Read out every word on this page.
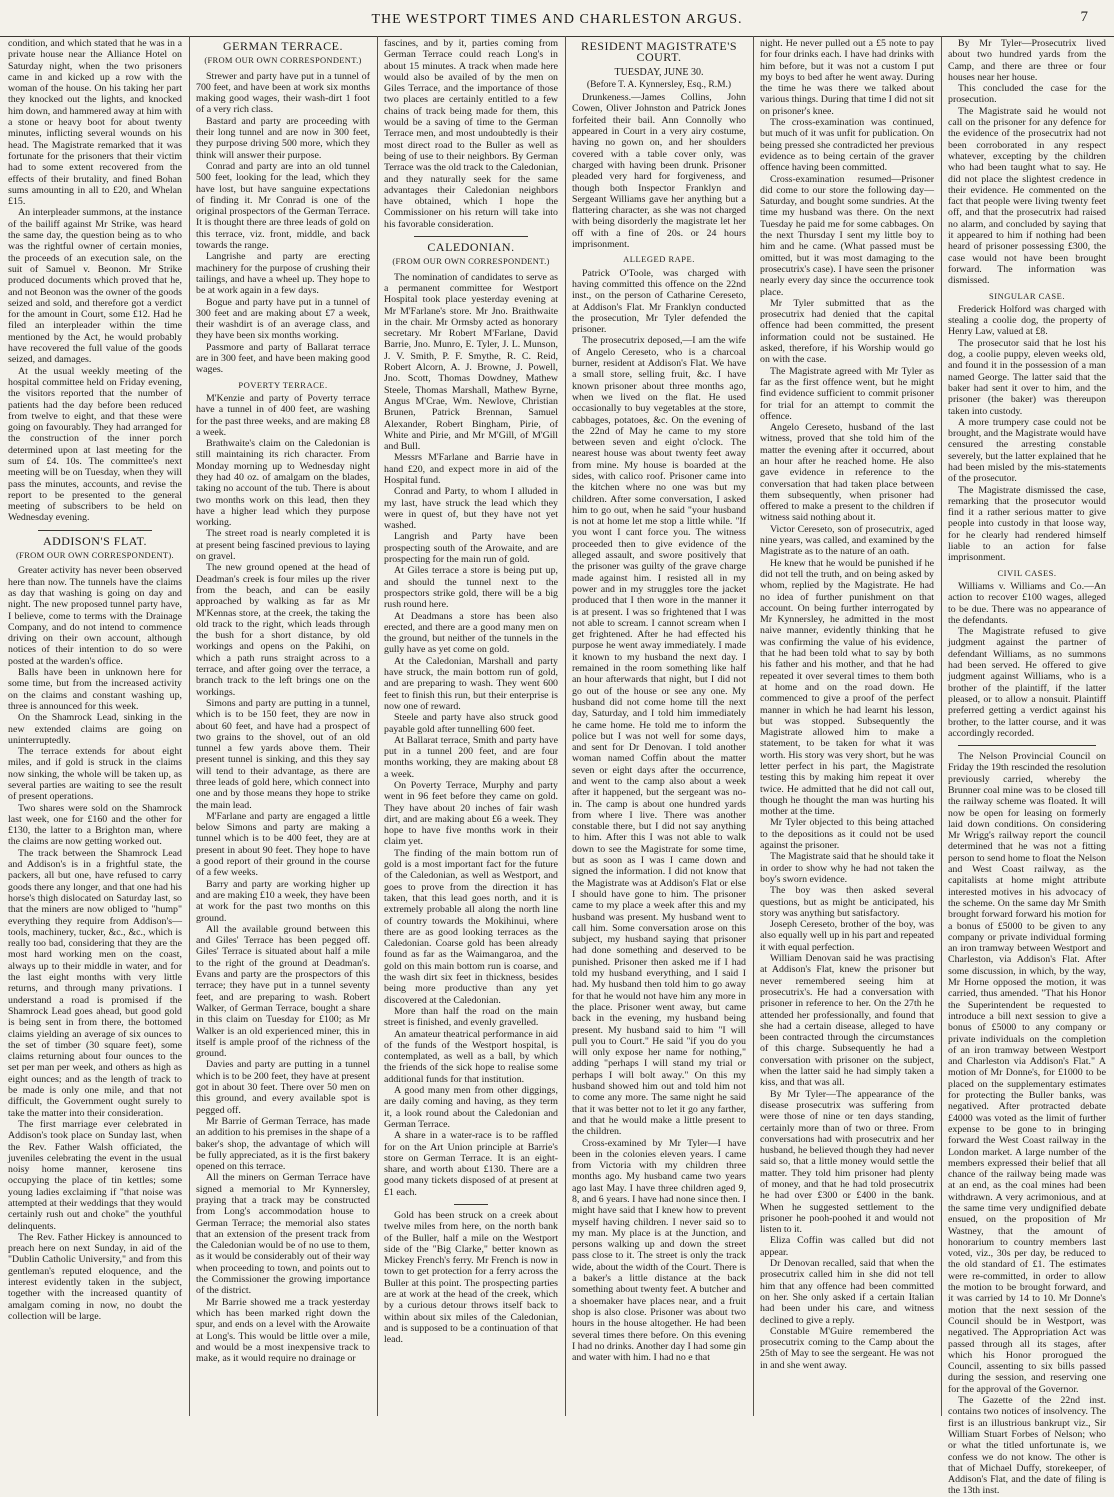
THE WESTPORT TIMES AND CHARLESTON ARGUS.	7

condition, and which stated that he was in a private house near the Alliance Hotel on Saturday night, when the two prisoners came in and kicked up a row with the woman of the house. On his taking her part they knocked out the lights, and knocked him down, and hammered away at him with a stone or heavy boot for about twenty minutes, inflicting several wounds on his head. The Magistrate remarked that it was fortunate for the prisoners that their victim had to some extent recovered from the effects of their brutality, and fined Bohan sums amounting in all to £20, and Whelan £15.

An interpleader summons, at the instance of the bailiff against Mr Strike, was heard the same day, the question being as to who was the rightful owner of certain monies, the proceeds of an execution sale, on the suit of Samuel v. Beonon. Mr Strike produced documents which proved that he, and not Beonon was the owner of the goods seized and sold, and therefore got a verdict for the amount in Court, some £12. Had he filed an interpleader within the time mentioned by the Act, he would probably have recovered the full value of the goods seized, and damages.

At the usual weekly meeting of the hospital committee held on Friday evening, the visitors reported that the number of patients had the day before been reduced from twelve to eight, and that these were going on favourably. They had arranged for the construction of the inner porch determined upon at last meeting for the sum of £4. 10s. The committee's next meeting will be on Tuesday, when they will pass the minutes, accounts, and revise the report to be presented to the general meeting of subscribers to be held on Wednesday evening.

ADDISON'S FLAT.
(FROM OUR OWN CORRESPONDENT).

Greater activity has never been observed here than now. The tunnels have the claims as day that washing is going on day and night. The new proposed tunnel party have, I believe, come to terms with the Drainage Company, and do not intend to commence driving on their own account, although notices of their intention to do so were posted at the warden's office.

Balls have been in unknown here for some time, but from the increased activity on the claims and constant washing up, three is announced for this week.

On the Shamrock Lead, sinking in the new extended claims are going on uninterruptedly.

The terrace extends for about eight miles, and if gold is struck in the claims now sinking, the whole will be taken up, as several parties are waiting to see the result of present operations.

Two shares were sold on the Shamrock last week, one for £160 and the other for £130, the latter to a Brighton man, where the claims are now getting worked out.

The track between the Shamrock Lead and Addison's is in a frightful state, the packers, all but one, have refused to carry goods there any longer, and that one had his horse's thigh dislocated on Saturday last, so that the miners are now obliged to "hump" everything they require from Addison's—tools, machinery, tucker, &c., &c., which is really too bad, considering that they are the most hard working men on the coast, always up to their middle in water, and for the last eight months with very little returns, and through many privations. I understand a road is promised if the Shamrock Lead goes ahead, but good gold is being sent in from there, the bottomed claims yielding an average of six ounces to the set of timber (30 square feet), some claims returning about four ounces to the set per man per week, and others as high as eight ounces; and as the length of track to be made is only one mile, and that not difficult, the Government ought surely to take the matter into their consideration.

The first marriage ever celebrated in Addison's took place on Sunday last, when the Rev. Father Walsh officiated, the juveniles celebrating the event in the usual noisy home manner, kerosene tins occupying the place of tin kettles; some young ladies exclaiming if "that noise was attempted at their weddings that they would certainly rush out and choke" the youthful delinquents.

The Rev. Father Hickey is announced to preach here on next Sunday, in aid of the "Dublin Catholic University," and from this gentleman's reputed eloquence, and the interest evidently taken in the subject, together with the increased quantity of amalgam coming in now, no doubt the collection will be large.

GERMAN TERRACE.
(FROM OUR OWN CORRESPONDENT.)

Strewer and party have put in a tunnel of 700 feet, and have been at work six months making good wages, their wash-dirt 1 foot of a very rich class.

Bastard and party are proceeding with their long tunnel and are now in 300 feet, they purpose driving 500 more, which they think will answer their purpose.

Conrad and party are into an old tunnel 500 feet, looking for the lead, which they have lost, but have sanguine expectations of finding it. Mr Conrad is one of the original prospectors of the German Terrace. It is thought there are three leads of gold on this terrace, viz. front, middle, and back towards the range.

Langrishe and party are erecting machinery for the purpose of crushing their tailings, and have a wheel up. They hope to be at work again in a few days.

Bogue and party have put in a tunnel of 300 feet and are making about £7 a week, their washdirt is of an average class, and they have been six months working.

Passmore and party of Ballarat terrace are in 300 feet, and have been making good wages.

POVERTY TERRACE.

M'Kenzie and party of Poverty terrace have a tunnel in of 400 feet, are washing for the past three weeks, and are making £8 a week.

Brathwaite's claim on the Caledonian is still maintaining its rich character. From Monday morning up to Wednesday night they had 40 oz. of amalgam on the blades, taking no account of the tub. There is about two months work on this lead, then they have a higher lead which they purpose working.

The street road is nearly completed it is at present being fascined previous to laying on gravel.

The new ground opened at the head of Deadman's creek is four miles up the river from the beach, and can be easily approached by walking as far as Mr M'Kennas store, at the creek, the taking the old track to the right, which leads through the bush for a short distance, by old workings and opens on the Pakihi, on which a path runs straight across to a terrace, and after going over the terrace, a branch track to the left brings one on the workings.

Simons and party are putting in a tunnel, which is to be 150 feet, they are now in about 60 feet, and have had a prospect of two grains to the shovel, out of an old tunnel a few yards above them. Their present tunnel is sinking, and this they say will tend to their advantage, as there are three leads of gold here, which connect into one and by those means they hope to strike the main lead.

M'Farlane and party are engaged a little below Simons and party are making a tunnel which is to be 400 feet, they are at present in about 90 feet. They hope to have a good report of their ground in the course of a few weeks.

Barry and party are working higher up and are making £10 a week, they have been at work for the past two months on this ground.

All the available ground between this and Giles' Terrace has been pegged off. Giles' Terrace is situated about half a mile to the right of the ground at Deadman's. Evans and party are the prospectors of this terrace; they have put in a tunnel seventy feet, and are preparing to wash. Robert Walker, of German Terrace, bought a share in this claim on Tuesday for £100; as Mr Walker is an old experienced miner, this in itself is ample proof of the richness of the ground.

Davies and party are putting in a tunnel which is to be 200 feet, they have at present got in about 30 feet. There over 50 men on this ground, and every available spot is pegged off.

Mr Barrie of German Terrace, has made an addition to his premises in the shape of a baker's shop, the advantage of which will be fully appreciated, as it is the first bakery opened on this terrace.

All the miners on German Terrace have signed a memorial to Mr Kynnersley, praying that a track may be constructed from Long's accommodation house to German Terrace; the memorial also states that an extension of the present track from the Caledonian would be of no use to them, as it would be considerably out of their way when proceeding to town, and points out to the Commissioner the growing importance of the district.

Mr Barrie showed me a track yesterday which has been marked right down the spur, and ends on a level with the Arowaite at Long's. This would be little over a mile, and would be a most inexpensive track to make, as it would require no drainage or

fascines, and by it, parties coming from German Terrace could reach Long's in about 15 minutes. A track when made here would also be availed of by the men on Giles Terrace, and the importance of those two places are certainly entitled to a few chains of track being made for them, this would be a saving of time to the German Terrace men, and most undoubtedly is their most direct road to the Buller as well as being of use to their neighbors. By German Terrace was the old track to the Caledonian, and they naturally seek for the same advantages their Caledonian neighbors have obtained, which I hope the Commissioner on his return will take into his favorable consideration.

CALEDONIAN.
(FROM OUR OWN CORRESPONDENT.)

The nomination of candidates to serve as a permanent committee for Westport Hospital took place yesterday evening at Mr M'Farlane's store. Mr Jno. Braithwaite in the chair. Mr Ormsby acted as honorary secretary. Mr Robert M'Farlane, David Barrie, Jno. Munro, E. Tyler, J. L. Munson, J. V. Smith, P. F. Smythe, R. C. Reid, Robert Alcorn, A. J. Browne, J. Powell, Jno. Scott, Thomas Dowdney, Mathew Steele, Thomas Marshall, Mathew Byrne, Angus M'Crae, Wm. Newlove, Christian Brunen, Patrick Brennan, Samuel Alexander, Robert Bingham, Pirie, of White and Pirie, and Mr M'Gill, of M'Gill and Bull.

Messrs M'Farlane and Barrie have in hand £20, and expect more in aid of the Hospital fund.

Conrad and Party, to whom I alluded in my last, have struck the lead which they were in quest of, but they have not yet washed.

Langrish and Party have been prospecting south of the Arowaite, and are prospecting for the main run of gold.

At Giles terrace a store is being put up, and should the tunnel next to the prospectors strike gold, there will be a big rush round here.

At Deadmans a store has been also erected, and there are a good many men on the ground, but neither of the tunnels in the gully have as yet come on gold.

At the Caledonian, Marshall and party have struck, the main bottom run of gold, and are preparing to wash. They went 600 feet to finish this run, but their enterprise is now one of reward.

Steele and party have also struck good payable gold after tunnelling 600 feet.

At Ballarat terrace, Smith and party have put in a tunnel 200 feet, and are four months working, they are making about £8 a week.

On Poverty Terrace, Murphy and party went in 96 feet before they came on gold. They have about 20 inches of fair wash dirt, and are making about £6 a week. They hope to have five months work in their claim yet.

The finding of the main bottom run of gold is a most important fact for the future of the Caledonian, as well as Westport, and goes to prove from the direction it has taken, that this lead goes north, and it is extremely probable all along the north line of country towards the Mokihinui, where there are as good looking terraces as the Caledonian. Coarse gold has been already found as far as the Waimangaroa, and the gold on this main bottom run is coarse, and the wash dirt six feet in thickness, besides being more productive than any yet discovered at the Caledonian.

More than half the road on the main street is finished, and evenly gravelled.

An amateur theatrical performance in aid of the funds of the Westport hospital, is contemplated, as well as a ball, by which the friends of the sick hope to realise some additional funds for that institution.

A good many men from other diggings, are daily coming and having, as they term it, a look round about the Caledonian and German Terrace.

A share in a water-race is to be raffled for on the Art Union principle at Barrie's store on German Terrace. It is an eight-share, and worth about £130. There are a good many tickets disposed of at present at £1 each.

Gold has been struck on a creek about twelve miles from here, on the north bank of the Buller, half a mile on the Westport side of the "Big Clarke," better known as Mickey French's ferry. Mr French is now in town to get protection for a ferry across the Buller at this point. The prospecting parties are at work at the head of the creek, which by a curious detour throws itself back to within about six miles of the Caledonian, and is supposed to be a continuation of that lead.

RESIDENT MAGISTRATE'S COURT.
TUESDAY, JUNE 30.
(Before T. A. Kynnersley, Esq., R.M.)

Drunkeness.—James Collins, John Cowen, Oliver Johnston and Patrick Jones forfeited their bail. Ann Connolly who appeared in Court in a very airy costume, having no gown on, and her shoulders covered with a table cover only, was charged with having been drunk. Prisoner pleaded very hard for forgiveness, and though both Inspector Franklyn and Sergeant Williams gave her anything but a flattering character, as she was not charged with being disorderly the magistrate let her off with a fine of 20s. or 24 hours imprisonment.

ALLEGED RAPE.

Patrick O'Toole, was charged with having committed this offence on the 22nd inst., on the person of Catharine Cereseto, at Addison's Flat. Mr Franklyn conducted the prosecution, Mr Tyler defended the prisoner.

The prosecutrix deposed,—I am the wife of Angelo Cereseto, who is a charcoal burner, resident at Addison's Flat. We have a small store, selling fruit, &c. I have known prisoner about three months ago, when we lived on the flat. He used occasionally to buy vegetables at the store, cabbages, potatoes, &c. On the evening of the 22nd of May he came to my store between seven and eight o'clock. The nearest house was about twenty feet away from mine. My house is boarded at the sides, with calico roof. Prisoner came into the kitchen where no one was but my children. After some conversation, I asked him to go out, when he said "your husband is not at home let me stop a little while. "If you wont I cant force you. The witness proceeded then to give evidence of the alleged assault, and swore positively that the prisoner was guilty of the grave charge made against him. I resisted all in my power and in my struggles tore the jacket produced that I then wore in the manner it is at present. I was so frightened that I was not able to scream. I cannot scream when I get frightened. After he had effected his purpose he went away immediately. I made it known to my husband the next day. I remained in the room something like half an hour afterwards that night, but I did not go out of the house or see any one. My husband did not come home till the next day, Saturday, and I told him immediately he came home. He told me to inform the police but I was not well for some days, and sent for Dr Denovan. I told another woman named Coffin about the matter seven or eight days after the occurrence, and went to the camp also about a week after it happened, but the sergeant was no-in. The camp is about one hundred yards from where I live. There was another constable there, but I did not say anything to him. After this I was not able to walk down to see the Magistrate for some time, but as soon as I was I came down and signed the information. I did not know that the Magistrate was at Addison's Flat or else I should have gone to him. The prisoner came to my place a week after this and my husband was present. My husband went to call him. Some conversation arose on this subject, my husband saying that prisoner had done something and deserved to be punished. Prisoner then asked me if I had told my husband everything, and I said I had. My husband then told him to go away for that he would not have him any more in the place. Prisoner went away, but came back in the evening, my husband being present. My husband said to him "I will pull you to Court." He said "if you do you will only expose her name for nothing," adding "perhaps I will stand my trial or perhaps I will bolt away." On this my husband showed him out and told him not to come any more. The same night he said that it was better not to let it go any farther, and that he would make a little present to the children.

Cross-examined by Mr Tyler—I have been in the colonies eleven years. I came from Victoria with my children three months ago. My husband came two years ago last May. I have three children aged 9, 8, and 6 years. I have had none since then. I might have said that I knew how to prevent myself having children. I never said so to my man. My place is at the Junction, and persons walking up and down the street pass close to it. The street is only the track wide, about the width of the Court. There is a baker's a little distance at the back something about twenty feet. A butcher and a shoemaker have places near, and a fruit shop is also close. Prisoner was about two hours in the house altogether. He had been several times there before. On this evening I had no drinks. Another day I had some gin and water with him. I had no e that

night. He never pulled out a £5 note to pay for four drinks each. I have had drinks with him before, but it was not a custom I put my boys to bed after he went away. During the time he was there we talked about various things. During that time I did not sit on prisoner's knee.

The cross-examination was continued, but much of it was unfit for publication. On being pressed she contradicted her previous evidence as to being certain of the graver offence having been committed.

Cross-examination resumed—Prisoner did come to our store the following day—Saturday, and bought some sundries. At the time my husband was there. On the next Tuesday he paid me for some cabbages. On the next Thursday I sent my little boy to him and he came. (What passed must be omitted, but it was most damaging to the prosecutrix's case). I have seen the prisoner nearly every day since the occurrence took place.

Mr Tyler submitted that as the prosecutrix had denied that the capital offence had been committed, the present information could not be sustained. He asked, therefore, if his Worship would go on with the case.

The Magistrate agreed with Mr Tyler as far as the first offence went, but he might find evidence sufficient to commit prisoner for trial for an attempt to commit the offence.

Angelo Cereseto, husband of the last witness, proved that she told him of the matter the evening after it occurred, about an hour after he reached home. He also gave evidence in reference to the conversation that had taken place between them subsequently, when prisoner had offered to make a present to the children if witness said nothing about it.

Victor Cereseto, son of prosecutrix, aged nine years, was called, and examined by the Magistrate as to the nature of an oath.

He knew that he would be punished if he did not tell the truth, and on being asked by whom, replied by the Magistrate. He had no idea of further punishment on that account. On being further interrogated by Mr Kynnersley, he admitted in the most naive manner, evidently thinking that he was confirming the value of his evidence, that he had been told what to say by both his father and his mother, and that he had repeated it over several times to them both at home and on the road down. He commenced to give a proof of the perfect manner in which he had learnt his lesson, but was stopped. Subsequently the Magistrate allowed him to make a statement, to be taken for what it was worth. His story was very short, but he was letter perfect in his part, the Magistrate testing this by making him repeat it over twice. He admitted that he did not call out, though he thought the man was hurting his mother at the time.

Mr Tyler objected to this being attached to the depositions as it could not be used against the prisoner.

The Magistrate said that he should take it in order to show why he had not taken the boy's sworn evidence.

The boy was then asked several questions, but as might be anticipated, his story was anything but satisfactory.

Joseph Cereseto, brother of the boy, was also equally well up in his part and repeated it with equal perfection.

William Denovan said he was practising at Addison's Flat, knew the prisoner but never remembered seeing him at prosecutrix's. He had a conversation with prisoner in reference to her. On the 27th he attended her professionally, and found that she had a certain disease, alleged to have been contracted through the circumstances of this charge. Subsequently he had a conversation with prisoner on the subject, when the latter said he had simply taken a kiss, and that was all.

By Mr Tyler—The appearance of the disease prosecutrix was suffering from were those of nine or ten days standing, certainly more than of two or three. From conversations had with prosecutrix and her husband, he believed though they had never said so, that a little money would settle the matter. They told him prisoner had plenty of money, and that he had told prosecutrix he had over £300 or £400 in the bank. When he suggested settlement to the prisoner he pooh-poohed it and would not listen to it.

Eliza Coffin was called but did not appear.

Dr Denovan recalled, said that when the prosecutrix called him in she did not tell him that any offence had been committed on her. She only asked if a certain Italian had been under his care, and witness declined to give a reply.

Constable M'Guire remembered the prosecutrix coming to the Camp about the 25th of May to see the sergeant. He was not in and she went away.

By Mr Tyler—Prosecutrix lived about two hundred yards from the Camp, and there are three or four houses near her house.

This concluded the case for the prosecution.

The Magistrate said he would not call on the prisoner for any defence for the evidence of the prosecutrix had not been corroborated in any respect whatever, excepting by the children who had been taught what to say. He did not place the slightest credence in their evidence. He commented on the fact that people were living twenty feet off, and that the prosecutrix had raised no alarm, and concluded by saying that it appeared to him if nothing had been heard of prisoner possessing £300, the case would not have been brought forward. The information was dismissed.

SINGULAR CASE.

Frederick Holford was charged with stealing a coolie dog, the property of Henry Law, valued at £8.

The prosecutor said that he lost his dog, a coolie puppy, eleven weeks old, and found it in the possession of a man named George. The latter said that the baker had sent it over to him, and the prisoner (the baker) was thereupon taken into custody.

A more trumpery case could not be brought, and the Magistrate would have censured the arresting constable severely, but the latter explained that he had been misled by the mis-statements of the prosecutor.

The Magistrate dismissed the case, remarking that the prosecutor would find it a rather serious matter to give people into custody in that loose way, for he clearly had rendered himself liable to an action for false imprisonment.

CIVIL CASES.

Williams v. Williams and Co.—An action to recover £100 wages, alleged to be due. There was no appearance of the defendants.

The Magistrate refused to give judgment against the partner of defendant Williams, as no summons had been served. He offered to give judgment against Williams, who is a brother of the plaintiff, if the latter pleased, or to allow a nonsuit. Plaintiff preferred getting a verdict against his brother, to the latter course, and it was accordingly recorded.

The Nelson Provincial Council on Friday the 19th rescinded the resolution previously carried, whereby the Brunner coal mine was to be closed till the railway scheme was floated. It will now be open for leasing on formerly laid down conditions. On considering Mr Wrigg's railway report the council determined that he was not a fitting person to send home to float the Nelson and West Coast railway, as the capitalists at home might attribute interested motives in his advocacy of the scheme. On the same day Mr Smith brought forward forward his motion for a bonus of £5000 to be given to any company or private individual forming an iron tramway between Westport and Charleston, via Addison's Flat. After some discussion, in which, by the way, Mr Horne opposed the motion, it was carried, thus amended. "That his Honor the Superintendent be requested to introduce a bill next session to give a bonus of £5000 to any company or private individuals on the completion of an iron tramway between Westport and Charleston via Addison's Flat." A motion of Mr Donne's, for £1000 to be placed on the supplementary estimates for protecting the Buller banks, was negatived. After protracted debate £4000 was voted as the limit of further expense to be gone to in bringing forward the West Coast railway in the London market. A large number of the members expressed their belief that all chance of the railway being made was at an end, as the coal mines had been withdrawn. A very acrimonious, and at the same time very undignified debate ensued, on the proposition of Mr Wastney, that the amount of honorarium to country members last voted, viz., 30s per day, be reduced to the old standard of £1. The estimates were re-committed, in order to allow the motion to be brought forward, and it was carried by 14 to 10. Mr Donne's motion that the next session of the Council should be in Westport, was negatived. The Appropriation Act was passed through all its stages, after which his Honor prorogued the Council, assenting to six bills passed during the session, and reserving one for the approval of the Governor.

The Gazette of the 22nd inst. contains two notices of insolvency. The first is an illustrious bankrupt viz., Sir William Stuart Forbes of Nelson; who or what the titled unfortunate is, we confess we do not know. The other is that of Michael Duffy, storekeeper, of Addison's Flat, and the date of filing is the 13th inst.
